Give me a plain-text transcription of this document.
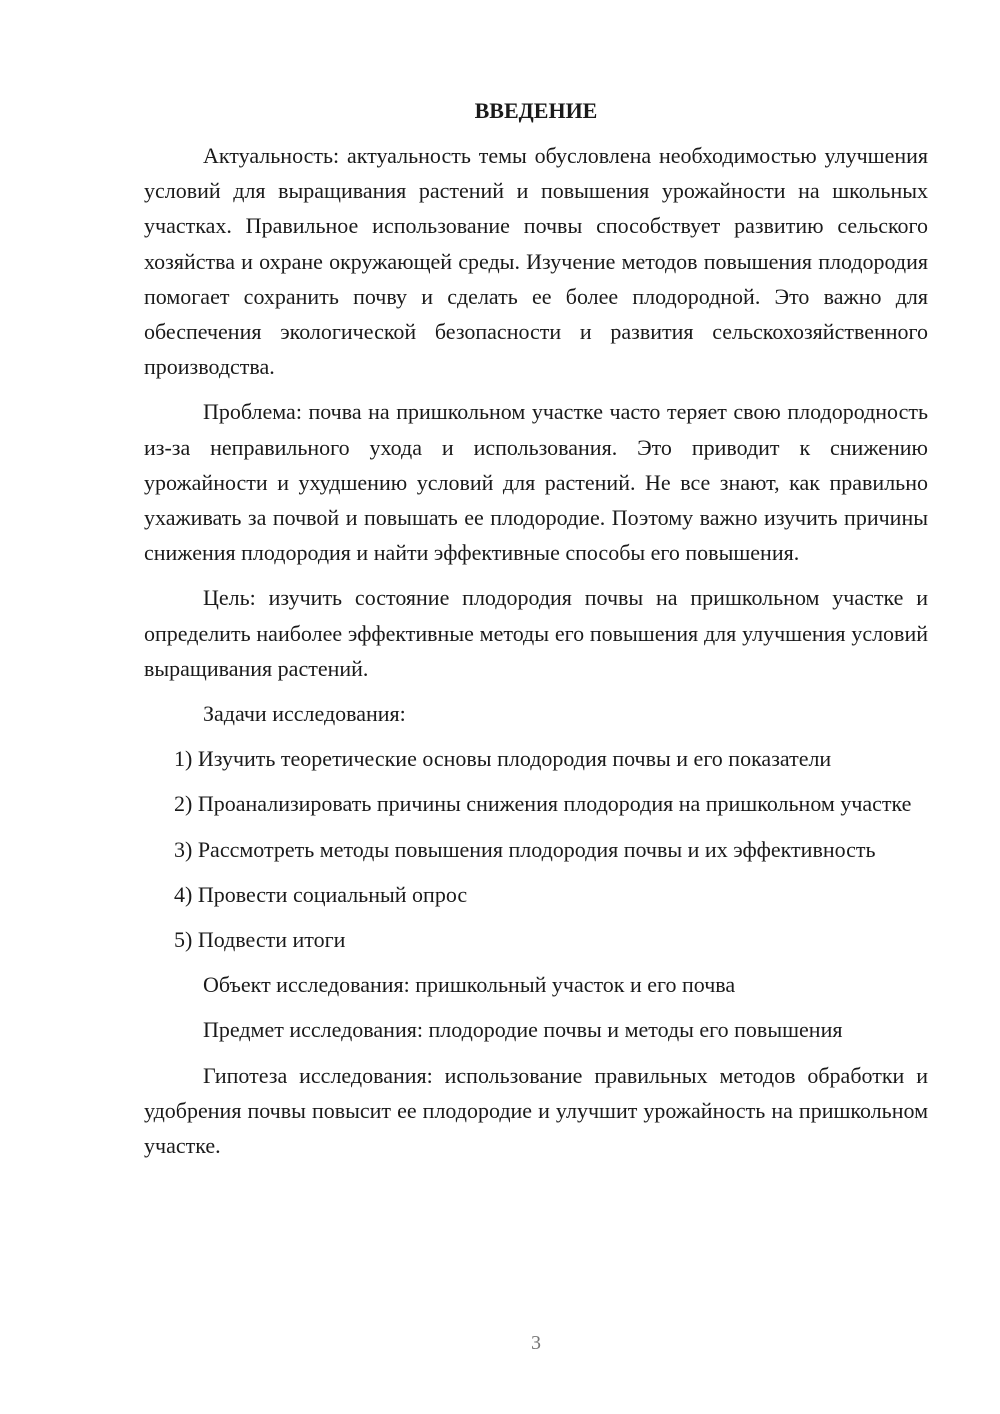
ВВЕДЕНИЕ

Актуальность: актуальность темы обусловлена необходимостью улучшения условий для выращивания растений и повышения урожайности на школьных участках. Правильное использование почвы способствует развитию сельского хозяйства и охране окружающей среды. Изучение методов повышения плодородия помогает сохранить почву и сделать ее более плодородной. Это важно для обеспечения экологической безопасности и развития сельскохозяйственного производства.

Проблема: почва на пришкольном участке часто теряет свою плодородность из-за неправильного ухода и использования. Это приводит к снижению урожайности и ухудшению условий для растений. Не все знают, как правильно ухаживать за почвой и повышать ее плодородие. Поэтому важно изучить причины снижения плодородия и найти эффективные способы его повышения.

Цель: изучить состояние плодородия почвы на пришкольном участке и определить наиболее эффективные методы его повышения для улучшения условий выращивания растений.

Задачи исследования:

1) Изучить теоретические основы плодородия почвы и его показатели

2) Проанализировать причины снижения плодородия на пришкольном участке

3) Рассмотреть методы повышения плодородия почвы и их эффективность

4) Провести социальный опрос

5) Подвести итоги

Объект исследования: пришкольный участок и его почва

Предмет исследования: плодородие почвы и методы его повышения

Гипотеза исследования: использование правильных методов обработки и удобрения почвы повысит ее плодородие и улучшит урожайность на пришкольном участке.

3
